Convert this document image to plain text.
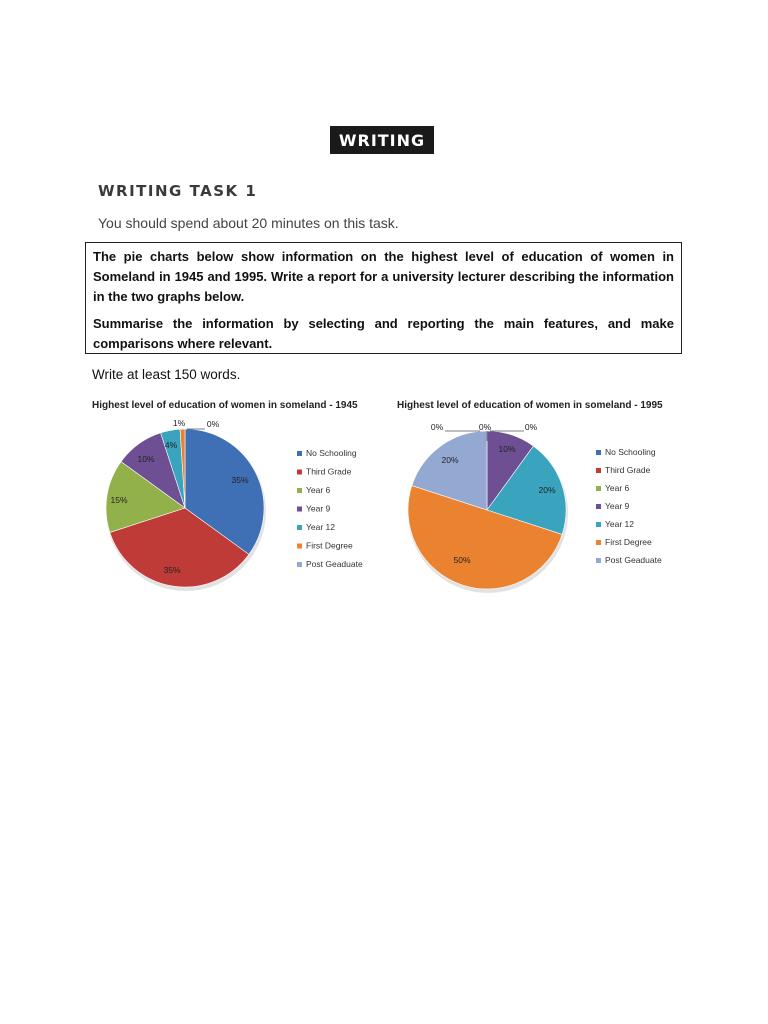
WRITING
WRITING TASK 1
You should spend about 20 minutes on this task.

The pie charts below show information on the highest level of education of women in Someland in 1945 and 1995. Write a report for a university lecturer describing the information in the two graphs below.

Summarise the information by selecting and reporting the main features, and make comparisons where relevant.

Write at least 150 words.
Highest level of education of women in someland - 1945
35%
35%
15%
10%
4%
1%	0%
No Schooling
Third Grade
Year 6
Year 9
Year 12
First Degree
Post Geaduate
Highest level of education of women in someland - 1995
0%
0%	0%
10%
20%
50%
20%
No Schooling
Third Grade
Year 6
Year 9
Year 12
First Degree
Post Geaduate
